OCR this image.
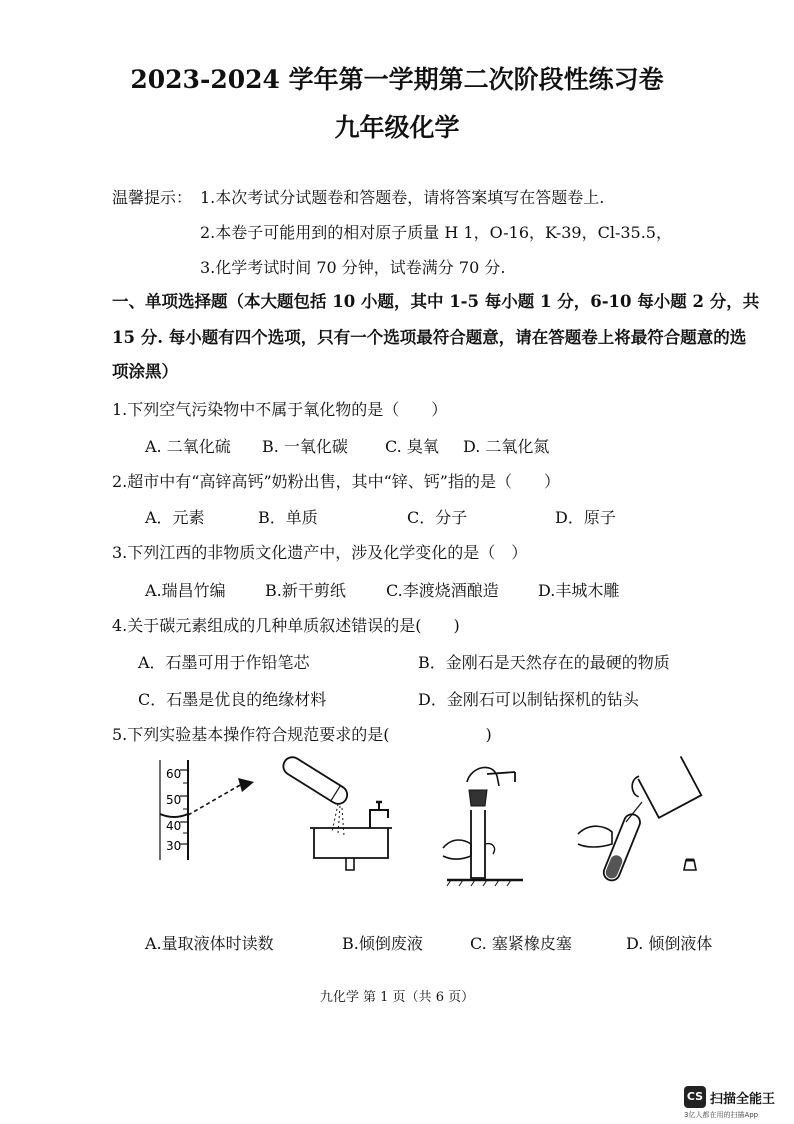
2023-2024 学年第一学期第二次阶段性练习卷
九年级化学
温馨提示： 1.本次考试分试题卷和答题卷，请将答案填写在答题卷上.
2.本卷子可能用到的相对原子质量 H 1，O-16，K-39，Cl-35.5，
3.化学考试时间 70 分钟，试卷满分 70 分.
一、单项选择题（本大题包括 10 小题，其中 1-5 每小题 1 分，6-10 每小题 2 分，共
15 分. 每小题有四个选项，只有一个选项最符合题意，请在答题卷上将最符合题意的选
项涂黑）
1.下列空气污染物中不属于氧化物的是（　　）
A. 二氧化硫 B. 一氧化碳 C. 臭氧 D. 二氧化氮
2.超市中有“高锌高钙”奶粉出售，其中“锌、钙”指的是（　　）
A．元素	B．单质	C．分子	D．原子
3.下列江西的非物质文化遗产中，涉及化学变化的是（　）
A.瑞昌竹编 B.新干剪纸	C.李渡烧酒酿造 D.丰城木雕
4.关于碳元素组成的几种单质叙述错误的是(　　)
A．石墨可用于作铅笔芯	B．金刚石是天然存在的最硬的物质
C．石墨是优良的绝缘材料	D．金刚石可以制钻探机的钻头
5.下列实验基本操作符合规范要求的是(　　　　　　)
60
50
40
30
A.量取液体时读数	B.倾倒废液	C. 塞紧橡皮塞	D. 倾倒液体
九化学 第 1 页（共 6 页）
CS 扫描全能王
3亿人都在用的扫描App
